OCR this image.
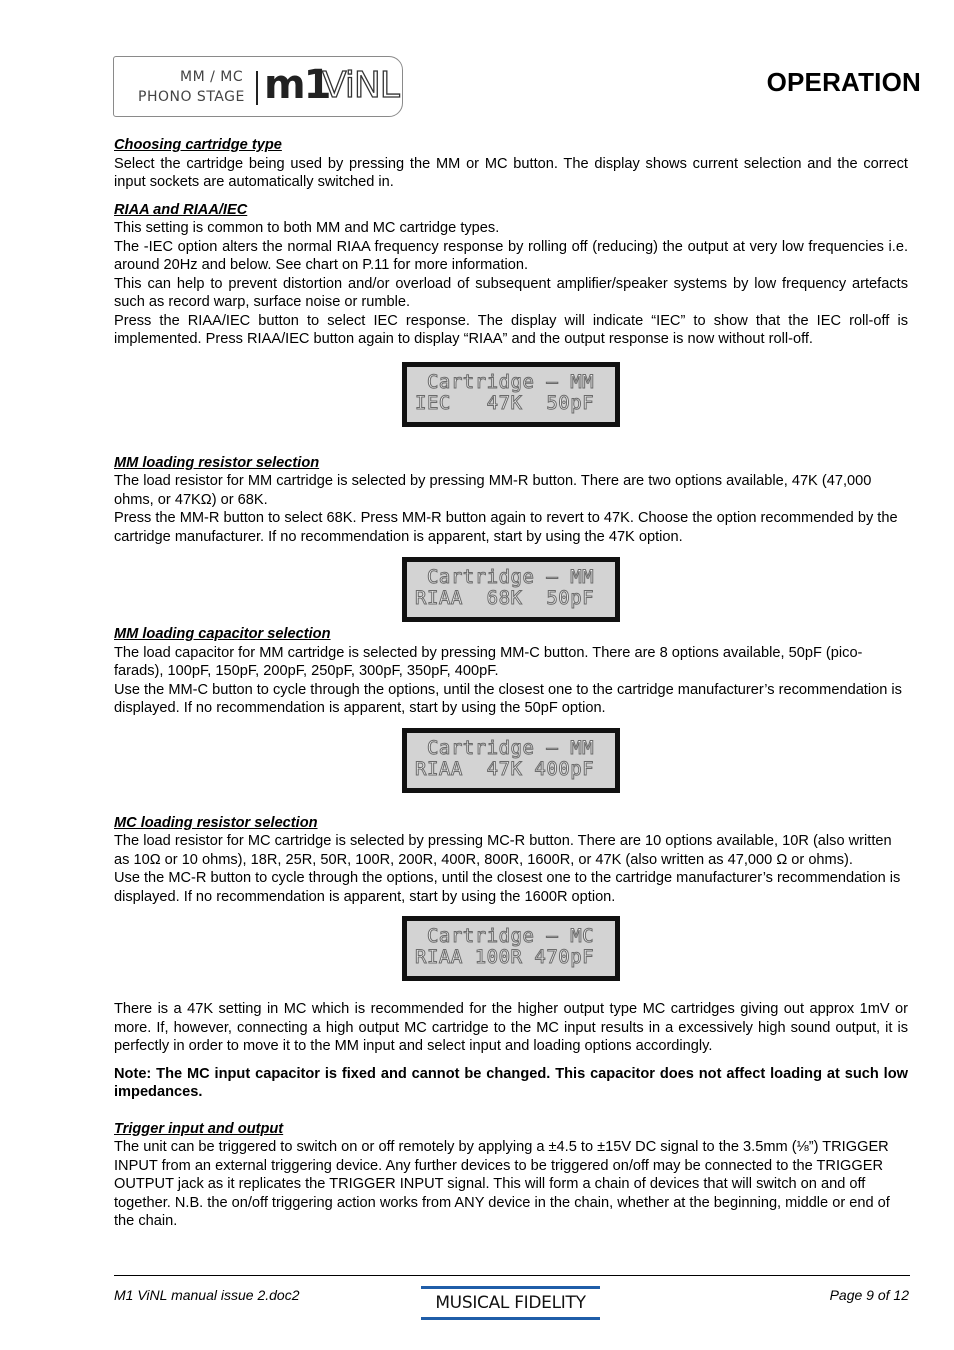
MM / MC
PHONO STAGE m1
ViNL	OPERATION

Choosing cartridge type

Select the cartridge being used by pressing the MM or MC button. The display shows current selection and the correct input sockets are automatically switched in.

RIAA and RIAA/IEC

This setting is common to both MM and MC cartridge types.

The -IEC option alters the normal RIAA frequency response by rolling off (reducing) the output at very low frequencies i.e. around 20Hz and below. See chart on P.11 for more information.

This can help to prevent distortion and/or overload of subsequent amplifier/speaker systems by low frequency artefacts such as record warp, surface noise or rumble.

Press the RIAA/IEC button to select IEC response. The display will indicate “IEC” to show that the IEC roll-off is implemented. Press RIAA/IEC button again to display “RIAA” and the output response is now without roll-off.

Cartridge – MM
IEC   47K  50pF

MM loading resistor selection

The load resistor for MM cartridge is selected by pressing MM-R button. There are two options available, 47K (47,000 ohms, or 47KΩ) or 68K.

Press the MM-R button to select 68K. Press MM-R button again to revert to 47K. Choose the option recommended by the cartridge manufacturer. If no recommendation is apparent, start by using the 47K option.

Cartridge – MM
RIAA  68K  50pF

MM loading capacitor selection

The load capacitor for MM cartridge is selected by pressing MM-C button. There are 8 options available, 50pF (pico-farads), 100pF, 150pF, 200pF, 250pF, 300pF, 350pF, 400pF.

Use the MM-C button to cycle through the options, until the closest one to the cartridge manufacturer’s recommendation is displayed. If no recommendation is apparent, start by using the 50pF option.

Cartridge – MM
RIAA  47K 400pF

MC loading resistor selection

The load resistor for MC cartridge is selected by pressing MC-R button. There are 10 options available, 10R (also written as 10Ω or 10 ohms), 18R, 25R, 50R, 100R, 200R, 400R, 800R, 1600R, or 47K (also written as 47,000 Ω or ohms).

Use the MC-R button to cycle through the options, until the closest one to the cartridge manufacturer’s recommendation is displayed. If no recommendation is apparent, start by using the 1600R option.

Cartridge – MC
RIAA 100R 470pF

There is a 47K setting in MC which is recommended for the higher output type MC cartridges giving out approx 1mV or more. If, however, connecting a high output MC cartridge to the MC input results in a excessively high sound output, it is perfectly in order to move it to the MM input and select input and loading options accordingly.

Note: The MC input capacitor is fixed and cannot be changed. This capacitor does not affect loading at such low impedances.

Trigger input and output

The unit can be triggered to switch on or off remotely by applying a ±4.5 to ±15V DC signal to the 3.5mm (⅛”) TRIGGER INPUT from an external triggering device. Any further devices to be triggered on/off may be connected to the TRIGGER OUTPUT jack as it replicates the TRIGGER INPUT signal. This will form a chain of devices that will switch on and off together. N.B. the on/off triggering action works from ANY device in the chain, whether at the beginning, middle or end of the chain.

M1 ViNL manual issue 2.doc2	MUSICAL FIDELITY	Page 9 of 12
